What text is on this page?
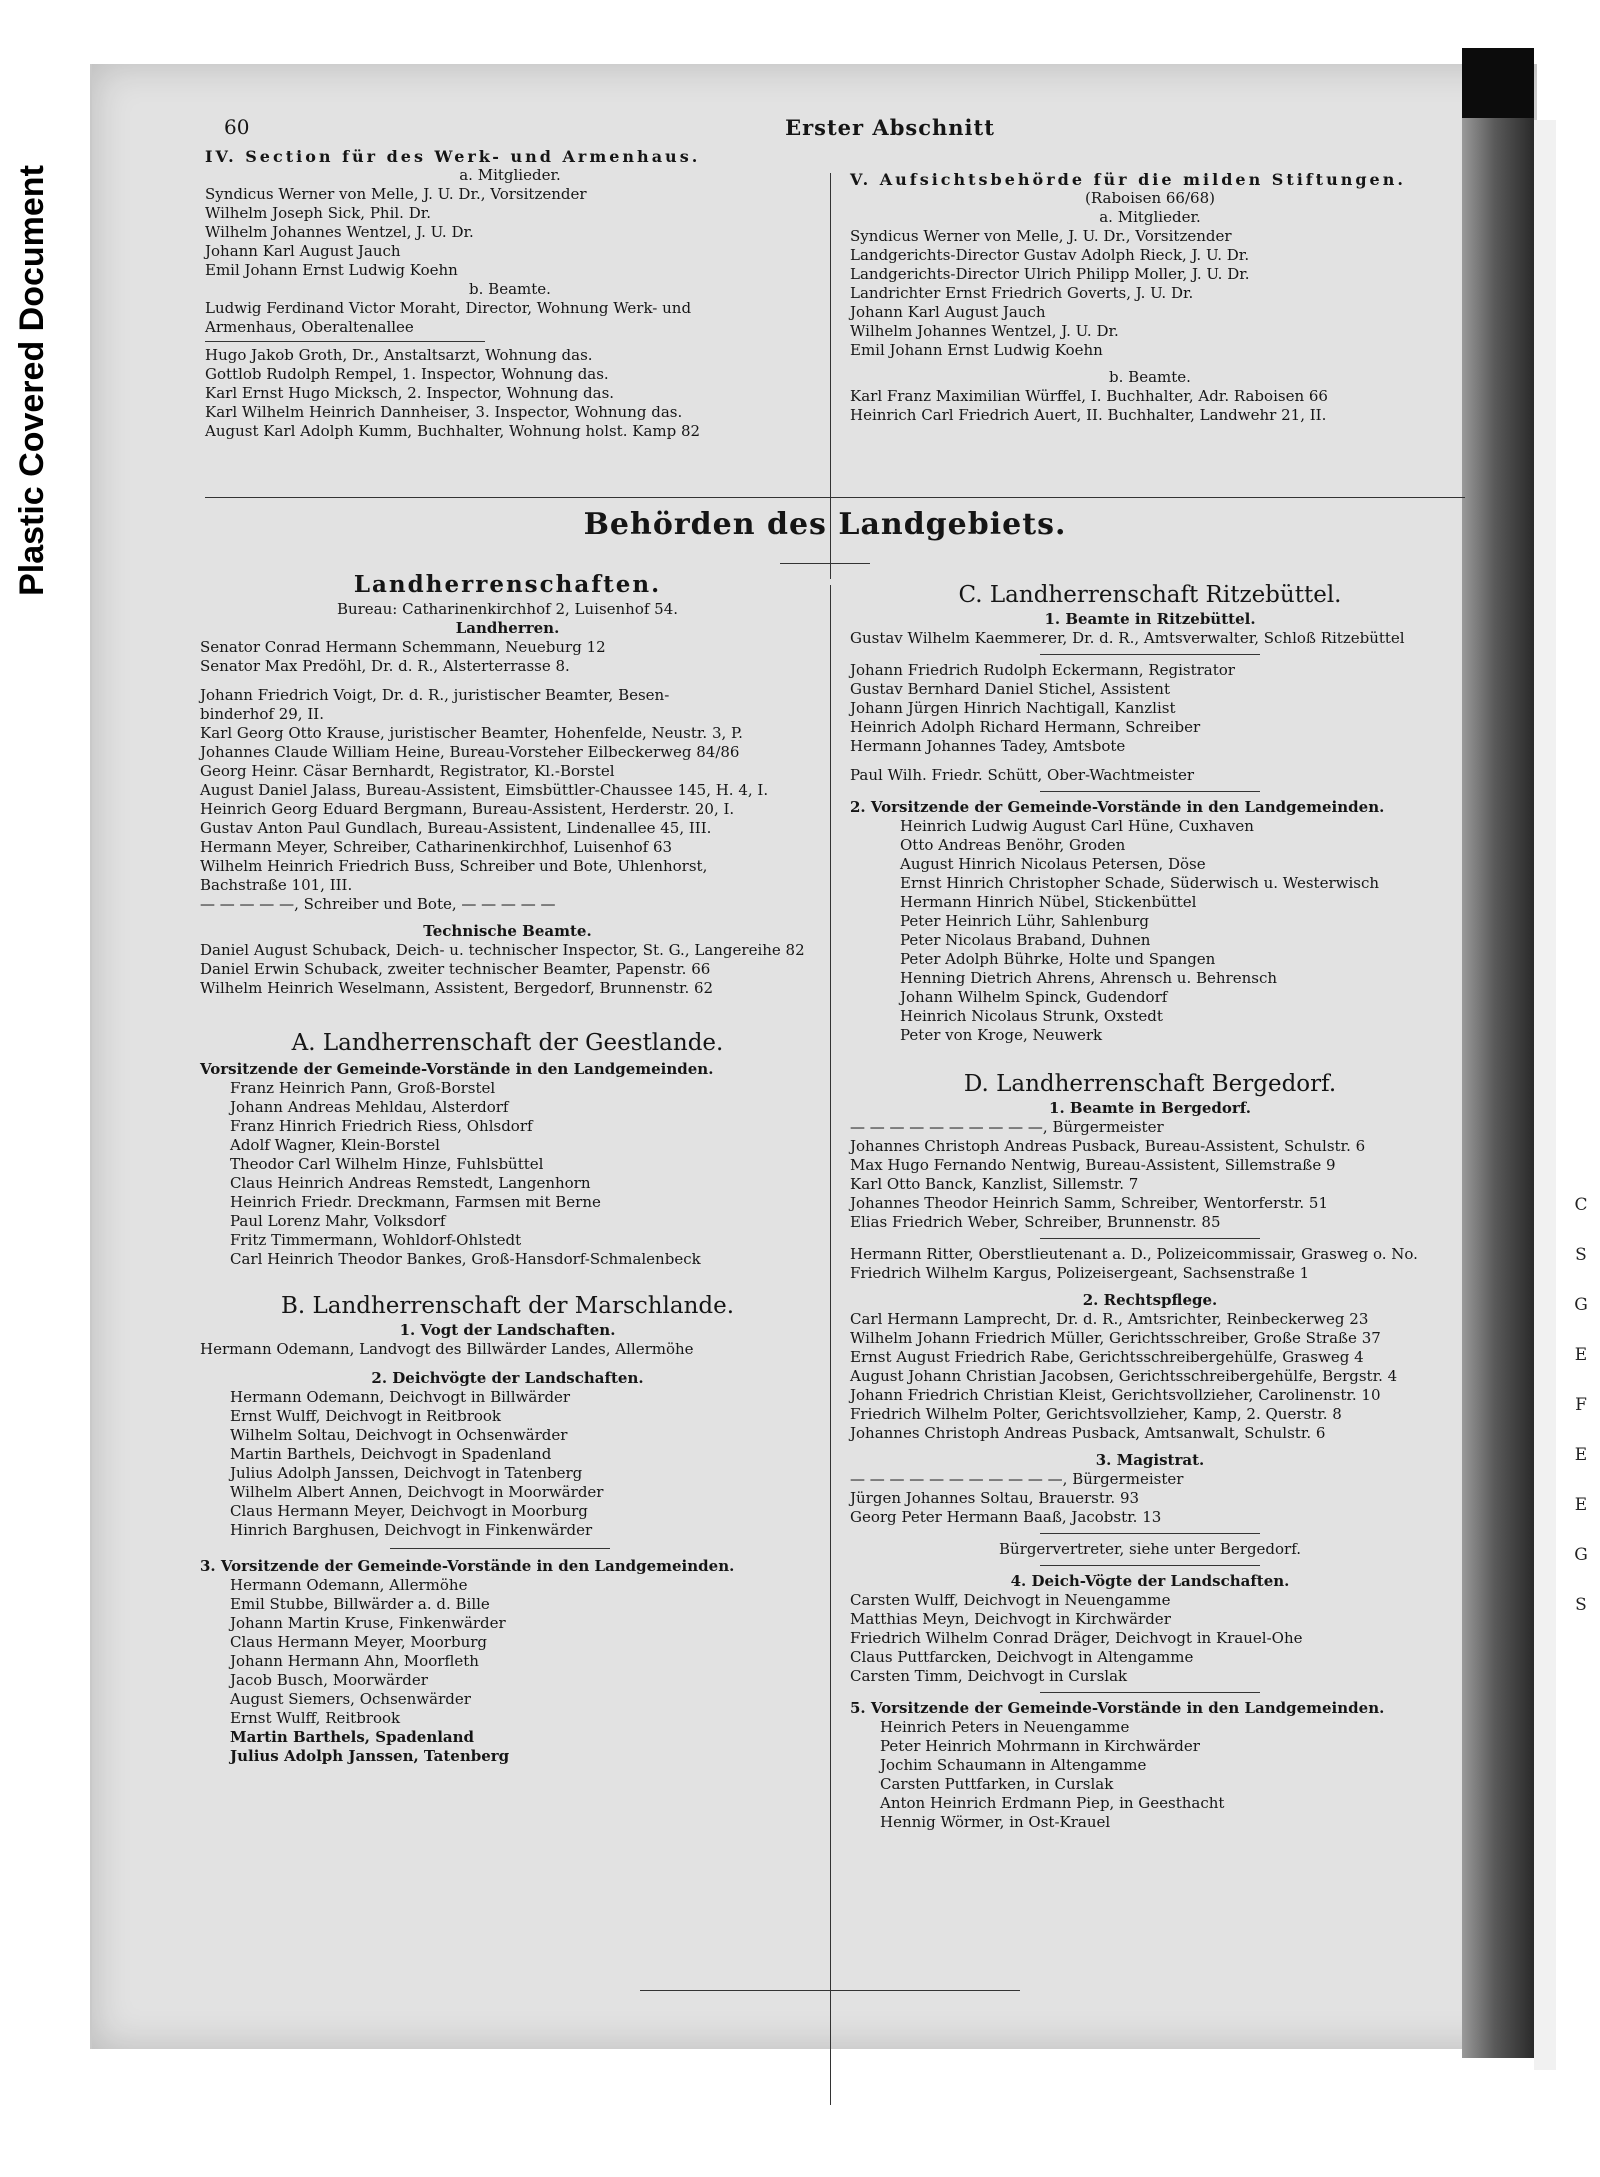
Plastic Covered Document
C
S
G
E
F
E
E
G
S
60	Erster Abschnitt
IV. Section für des Werk- und Armenhaus.
a. Mitglieder.
Syndicus Werner von Melle, J. U. Dr., Vorsitzender
Wilhelm Joseph Sick, Phil. Dr.
Wilhelm Johannes Wentzel, J. U. Dr.
Johann Karl August Jauch
Emil Johann Ernst Ludwig Koehn
b. Beamte.
Ludwig Ferdinand Victor Moraht, Director, Wohnung Werk- und
Armenhaus, Oberaltenallee
Hugo Jakob Groth, Dr., Anstaltsarzt, Wohnung das.
Gottlob Rudolph Rempel, 1. Inspector, Wohnung das.
Karl Ernst Hugo Micksch, 2. Inspector, Wohnung das.
Karl Wilhelm Heinrich Dannheiser, 3. Inspector, Wohnung das.
August Karl Adolph Kumm, Buchhalter, Wohnung holst. Kamp 82
V. Aufsichtsbehörde für die milden Stiftungen.
(Raboisen 66/68)
a. Mitglieder.
Syndicus Werner von Melle, J. U. Dr., Vorsitzender
Landgerichts-Director Gustav Adolph Rieck, J. U. Dr.
Landgerichts-Director Ulrich Philipp Moller, J. U. Dr.
Landrichter Ernst Friedrich Goverts, J. U. Dr.
Johann Karl August Jauch
Wilhelm Johannes Wentzel, J. U. Dr.
Emil Johann Ernst Ludwig Koehn
b. Beamte.
Karl Franz Maximilian Würffel, I. Buchhalter, Adr. Raboisen 66
Heinrich Carl Friedrich Auert, II. Buchhalter, Landwehr 21, II.
Behörden des Landgebiets.
Landherrenschaften.
Bureau: Catharinenkirchhof 2, Luisenhof 54.
Landherren.
Senator Conrad Hermann Schemmann, Neueburg 12
Senator Max Predöhl, Dr. d. R., Alsterterrasse 8.
Johann Friedrich Voigt, Dr. d. R., juristischer Beamter, Besen-
binderhof 29, II.
Karl Georg Otto Krause, juristischer Beamter, Hohenfelde, Neustr. 3, P.
Johannes Claude William Heine, Bureau-Vorsteher Eilbeckerweg 84/86
Georg Heinr. Cäsar Bernhardt, Registrator, Kl.-Borstel
August Daniel Jalass, Bureau-Assistent, Eimsbüttler-Chaussee 145, H. 4, I.
Heinrich Georg Eduard Bergmann, Bureau-Assistent, Herderstr. 20, I.
Gustav Anton Paul Gundlach, Bureau-Assistent, Lindenallee 45, III.
Hermann Meyer, Schreiber, Catharinenkirchhof, Luisenhof 63
Wilhelm Heinrich Friedrich Buss, Schreiber und Bote, Uhlenhorst,
Bachstraße 101, III.
— — — — —, Schreiber und Bote, — — — — —
Technische Beamte.
Daniel August Schuback, Deich- u. technischer Inspector, St. G., Langereihe 82
Daniel Erwin Schuback, zweiter technischer Beamter, Papenstr. 66
Wilhelm Heinrich Weselmann, Assistent, Bergedorf, Brunnenstr. 62
A. Landherrenschaft der Geestlande.
Vorsitzende der Gemeinde-Vorstände in den Landgemeinden.
Franz Heinrich Pann, Groß-Borstel
Johann Andreas Mehldau, Alsterdorf
Franz Hinrich Friedrich Riess, Ohlsdorf
Adolf Wagner, Klein-Borstel
Theodor Carl Wilhelm Hinze, Fuhlsbüttel
Claus Heinrich Andreas Remstedt, Langenhorn
Heinrich Friedr. Dreckmann, Farmsen mit Berne
Paul Lorenz Mahr, Volksdorf
Fritz Timmermann, Wohldorf-Ohlstedt
Carl Heinrich Theodor Bankes, Groß-Hansdorf-Schmalenbeck
B. Landherrenschaft der Marschlande.
1. Vogt der Landschaften.
Hermann Odemann, Landvogt des Billwärder Landes, Allermöhe
2. Deichvögte der Landschaften.
Hermann Odemann, Deichvogt in Billwärder
Ernst Wulff, Deichvogt in Reitbrook
Wilhelm Soltau, Deichvogt in Ochsenwärder
Martin Barthels, Deichvogt in Spadenland
Julius Adolph Janssen, Deichvogt in Tatenberg
Wilhelm Albert Annen, Deichvogt in Moorwärder
Claus Hermann Meyer, Deichvogt in Moorburg
Hinrich Barghusen, Deichvogt in Finkenwärder
3. Vorsitzende der Gemeinde-Vorstände in den Landgemeinden.
Hermann Odemann, Allermöhe
Emil Stubbe, Billwärder a. d. Bille
Johann Martin Kruse, Finkenwärder
Claus Hermann Meyer, Moorburg
Johann Hermann Ahn, Moorfleth
Jacob Busch, Moorwärder
August Siemers, Ochsenwärder
Ernst Wulff, Reitbrook
Martin Barthels, Spadenland
Julius Adolph Janssen, Tatenberg
C. Landherrenschaft Ritzebüttel.
1. Beamte in Ritzebüttel.
Gustav Wilhelm Kaemmerer, Dr. d. R., Amtsverwalter, Schloß Ritzebüttel
Johann Friedrich Rudolph Eckermann, Registrator
Gustav Bernhard Daniel Stichel, Assistent
Johann Jürgen Hinrich Nachtigall, Kanzlist
Heinrich Adolph Richard Hermann, Schreiber
Hermann Johannes Tadey, Amtsbote
Paul Wilh. Friedr. Schütt, Ober-Wachtmeister
2. Vorsitzende der Gemeinde-Vorstände in den Landgemeinden.
Heinrich Ludwig August Carl Hüne, Cuxhaven
Otto Andreas Benöhr, Groden
August Hinrich Nicolaus Petersen, Döse
Ernst Hinrich Christopher Schade, Süderwisch u. Westerwisch
Hermann Hinrich Nübel, Stickenbüttel
Peter Heinrich Lühr, Sahlenburg
Peter Nicolaus Braband, Duhnen
Peter Adolph Bührke, Holte und Spangen
Henning Dietrich Ahrens, Ahrensch u. Behrensch
Johann Wilhelm Spinck, Gudendorf
Heinrich Nicolaus Strunk, Oxstedt
Peter von Kroge, Neuwerk
D. Landherrenschaft Bergedorf.
1. Beamte in Bergedorf.
— — — — — — — — — —, Bürgermeister
Johannes Christoph Andreas Pusback, Bureau-Assistent, Schulstr. 6
Max Hugo Fernando Nentwig, Bureau-Assistent, Sillemstraße 9
Karl Otto Banck, Kanzlist, Sillemstr. 7
Johannes Theodor Heinrich Samm, Schreiber, Wentorferstr. 51
Elias Friedrich Weber, Schreiber, Brunnenstr. 85
Hermann Ritter, Oberstlieutenant a. D., Polizeicommissair, Grasweg o. No.
Friedrich Wilhelm Kargus, Polizeisergeant, Sachsenstraße 1
2. Rechtspflege.
Carl Hermann Lamprecht, Dr. d. R., Amtsrichter, Reinbeckerweg 23
Wilhelm Johann Friedrich Müller, Gerichtsschreiber, Große Straße 37
Ernst August Friedrich Rabe, Gerichtsschreibergehülfe, Grasweg 4
August Johann Christian Jacobsen, Gerichtsschreibergehülfe, Bergstr. 4
Johann Friedrich Christian Kleist, Gerichtsvollzieher, Carolinenstr. 10
Friedrich Wilhelm Polter, Gerichtsvollzieher, Kamp, 2. Querstr. 8
Johannes Christoph Andreas Pusback, Amtsanwalt, Schulstr. 6
3. Magistrat.
— — — — — — — — — — —, Bürgermeister
Jürgen Johannes Soltau, Brauerstr. 93
Georg Peter Hermann Baaß, Jacobstr. 13
Bürgervertreter, siehe unter Bergedorf.
4. Deich-Vögte der Landschaften.
Carsten Wulff, Deichvogt in Neuengamme
Matthias Meyn, Deichvogt in Kirchwärder
Friedrich Wilhelm Conrad Dräger, Deichvogt in Krauel-Ohe
Claus Puttfarcken, Deichvogt in Altengamme
Carsten Timm, Deichvogt in Curslak
5. Vorsitzende der Gemeinde-Vorstände in den Landgemeinden.
Heinrich Peters in Neuengamme
Peter Heinrich Mohrmann in Kirchwärder
Jochim Schaumann in Altengamme
Carsten Puttfarken, in Curslak
Anton Heinrich Erdmann Piep, in Geesthacht
Hennig Wörmer, in Ost-Krauel
